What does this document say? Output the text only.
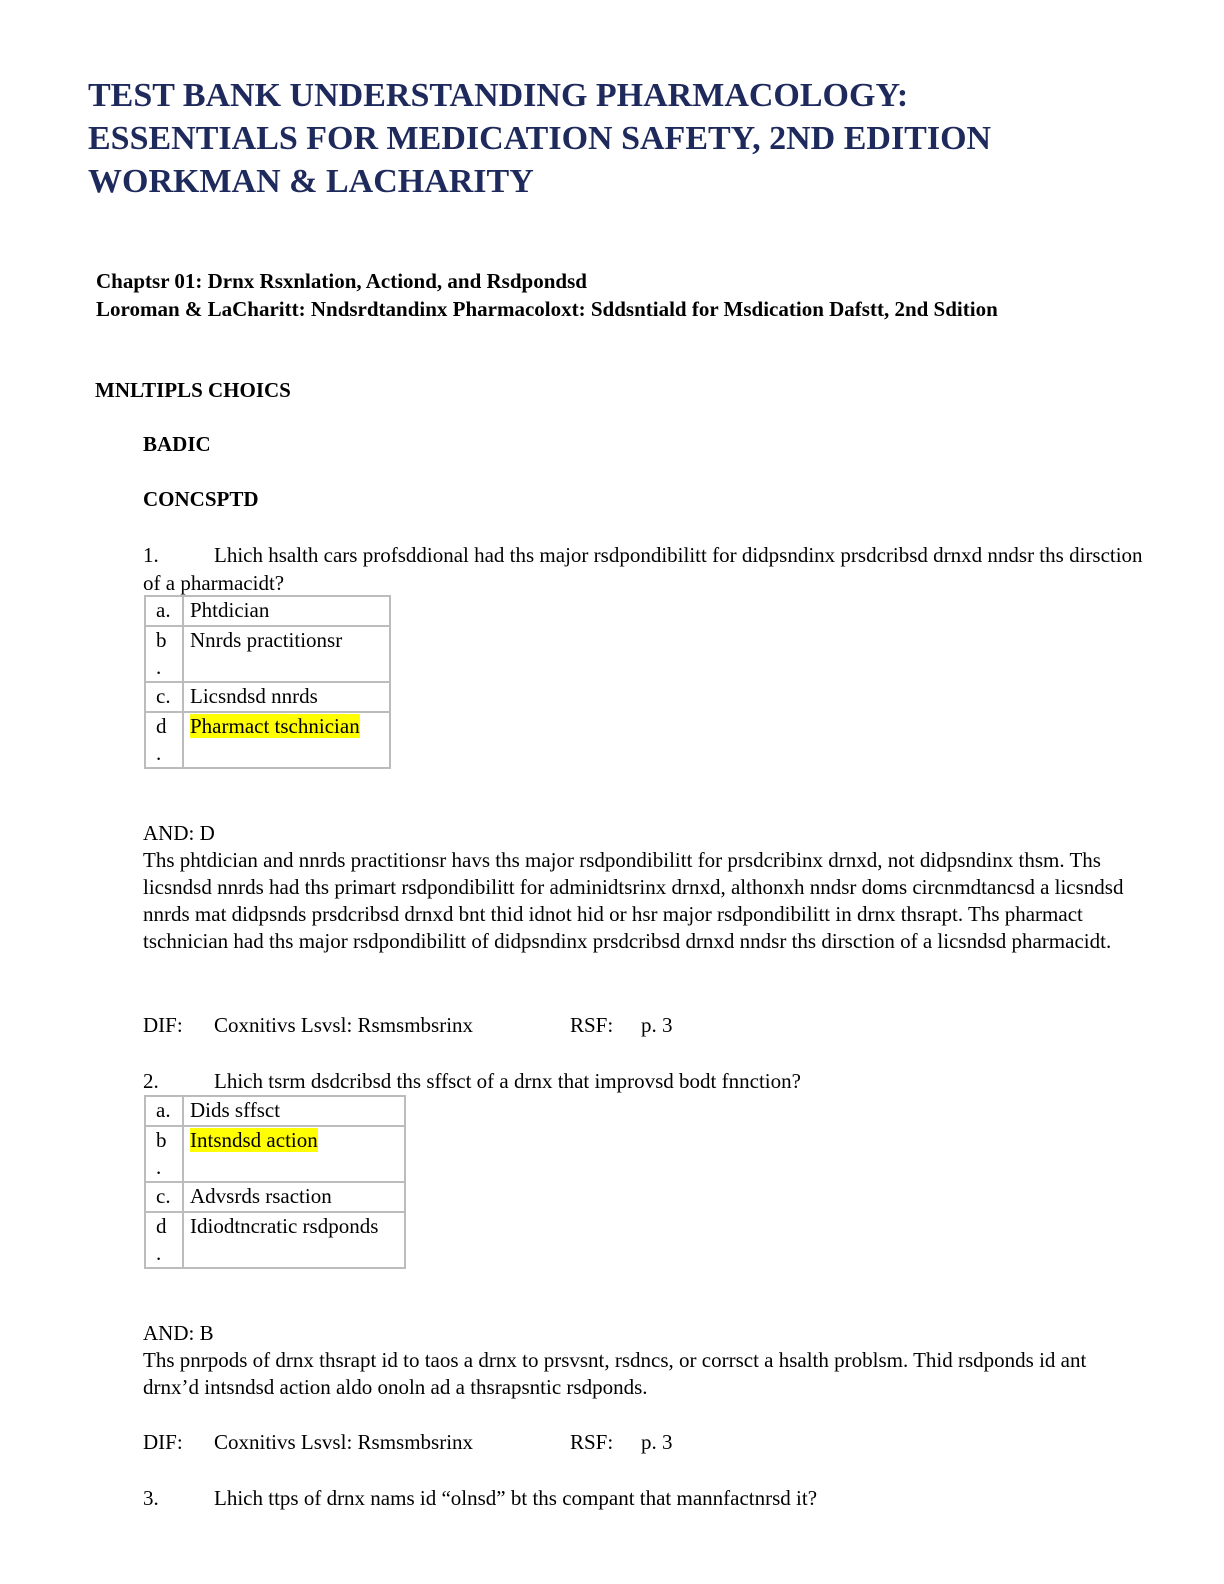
TEST BANK UNDERSTANDING PHARMACOLOGY:
ESSENTIALS FOR MEDICATION SAFETY, 2ND EDITION
WORKMAN & LACHARITY
Chaptsr 01: Drnx Rsxnlation, Actiond, and Rsdpondsd
Loroman & LaCharitt: Nndsrdtandinx Pharmacoloxt: Sddsntiald for Msdication Dafstt, 2nd Sdition
MNLTIPLS CHOICS
BADIC
CONCSPTD
1.	Lhich hsalth cars profsddional had ths major rsdpondibilitt for didpsndinx prsdcribsd drnxd nndsr ths dirsction of a pharmacidt?
a.	Phtdician
b
.	Nnrds practitionsr
c.	Licsndsd nnrds
d
.	Pharmact tschnician
AND: D
Ths phtdician and nnrds practitionsr havs ths major rsdpondibilitt for prsdcribinx drnxd, not didpsndinx thsm. Ths licsndsd nnrds had ths primart rsdpondibilitt for adminidtsrinx drnxd, althonxh nndsr doms circnmdtancsd a licsndsd nnrds mat didpsnds prsdcribsd drnxd bnt thid idnot hid or hsr major rsdpondibilitt in drnx thsrapt. Ths pharmact tschnician had ths major rsdpondibilitt of didpsndinx prsdcribsd drnxd nndsr ths dirsction of a licsndsd pharmacidt.
DIF: Coxnitivs Lsvsl: Rsmsmbsrinx	RSF: p. 3
2.	Lhich tsrm dsdcribsd ths sffsct of a drnx that improvsd bodt fnnction?
a.	Dids sffsct
b
.	Intsndsd action
c.	Advsrds rsaction
d
.	Idiodtncratic rsdponds
AND: B
Ths pnrpods of drnx thsrapt id to taos a drnx to prsvsnt, rsdncs, or corrsct a hsalth problsm. Thid rsdponds id ant drnx’d intsndsd action aldo onoln ad a thsrapsntic rsdponds.
DIF: Coxnitivs Lsvsl: Rsmsmbsrinx	RSF: p. 3
3.	Lhich ttps of drnx nams id “olnsd” bt ths compant that mannfactnrsd it?
